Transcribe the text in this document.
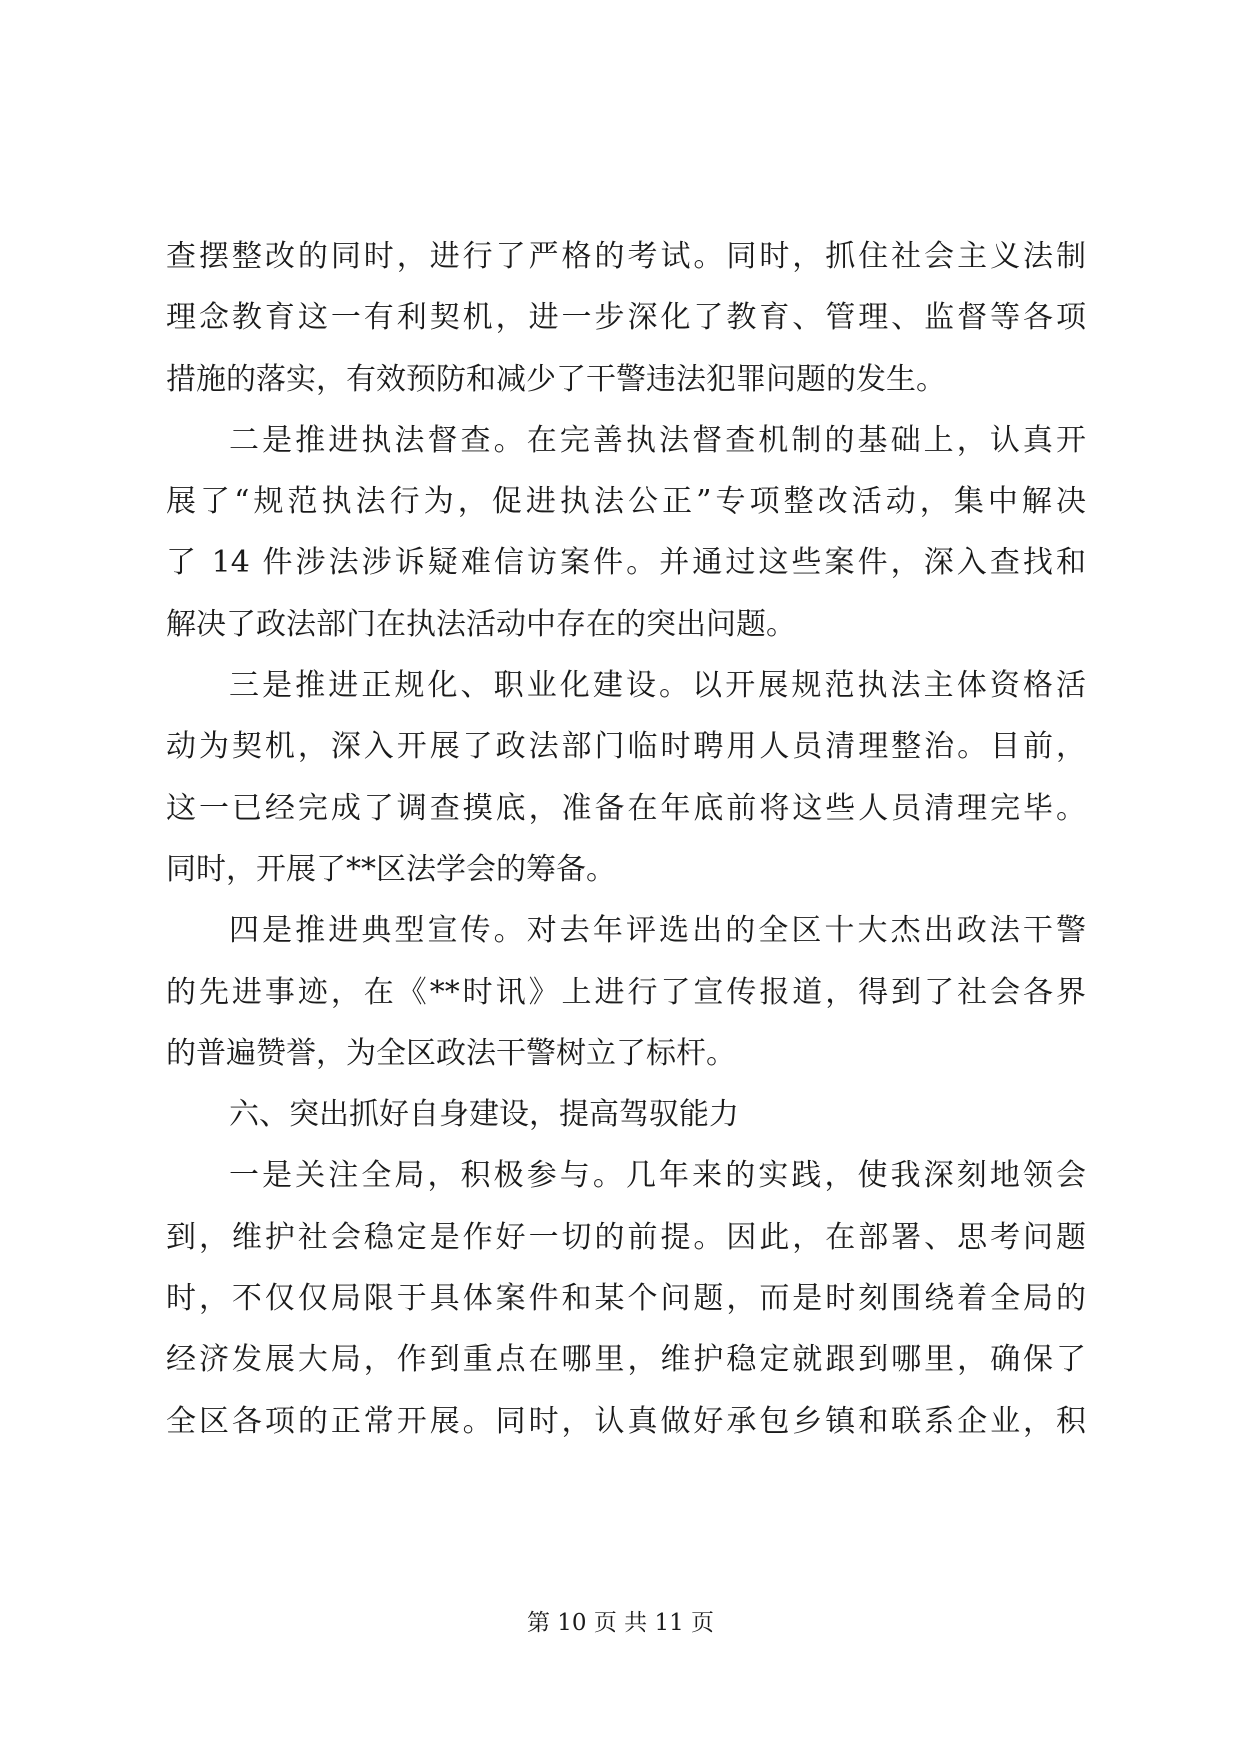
查摆整改的同时，进行了严格的考试。同时，抓住社会主义法制
理念教育这一有利契机，进一步深化了教育、管理、监督等各项
措施的落实，有效预防和减少了干警违法犯罪问题的发生。
二是推进执法督查。在完善执法督查机制的基础上，认真开
展了“规范执法行为，促进执法公正”专项整改活动，集中解决
了 14 件涉法涉诉疑难信访案件。并通过这些案件，深入查找和
解决了政法部门在执法活动中存在的突出问题。
三是推进正规化、职业化建设。以开展规范执法主体资格活
动为契机，深入开展了政法部门临时聘用人员清理整治。目前，
这一已经完成了调查摸底，准备在年底前将这些人员清理完毕。
同时，开展了**区法学会的筹备。
四是推进典型宣传。对去年评选出的全区十大杰出政法干警
的先进事迹，在《**时讯》上进行了宣传报道，得到了社会各界
的普遍赞誉，为全区政法干警树立了标杆。
六、突出抓好自身建设，提高驾驭能力
一是关注全局，积极参与。几年来的实践，使我深刻地领会
到，维护社会稳定是作好一切的前提。因此，在部署、思考问题
时，不仅仅局限于具体案件和某个问题，而是时刻围绕着全局的
经济发展大局，作到重点在哪里，维护稳定就跟到哪里，确保了
全区各项的正常开展。同时，认真做好承包乡镇和联系企业，积
第 10 页 共 11 页
